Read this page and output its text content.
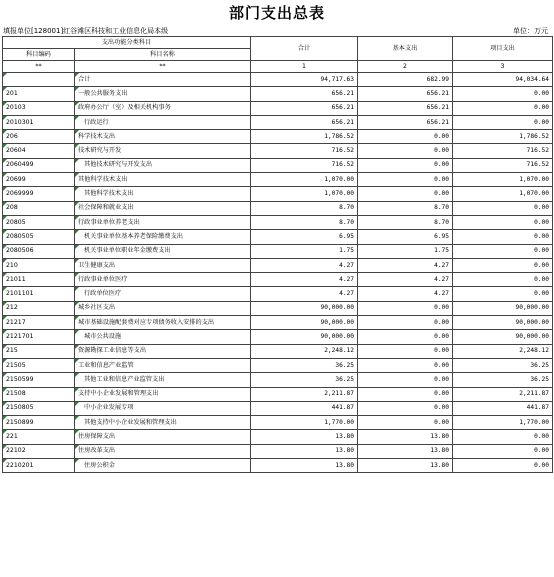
部门支出总表
填报单位[128001]红谷滩区科技和工业信息化局本级	单位：万元
支出功能分类科目		合计	基本支出	项目支出
科目编码	科目名称			
**	**	1	2	3
	合计	94,717.63	682.99	94,034.64
201	一般公共服务支出	656.21	656.21	0.00
20103	政府办公厅（室）及相关机构事务	656.21	656.21	0.00
2010301	行政运行	656.21	656.21	0.00
206	科学技术支出	1,786.52	0.00	1,786.52
20604	技术研究与开发	716.52	0.00	716.52
2060499	其他技术研究与开发支出	716.52	0.00	716.52
20699	其他科学技术支出	1,070.00	0.00	1,070.00
2069999	其他科学技术支出	1,070.00	0.00	1,070.00
208	社会保障和就业支出	8.70	8.70	0.00
20805	行政事业单位养老支出	8.70	8.70	0.00
2080505	机关事业单位基本养老保险缴费支出	6.95	6.95	0.00
2080506	机关事业单位职业年金缴费支出	1.75	1.75	0.00
210	卫生健康支出	4.27	4.27	0.00
21011	行政事业单位医疗	4.27	4.27	0.00
2101101	行政单位医疗	4.27	4.27	0.00
212	城乡社区支出	90,000.00	0.00	90,000.00
21217	城市基础设施配套费对应专项债务收入安排的支出	90,000.00	0.00	90,000.00
2121701	城市公共设施	90,000.00	0.00	90,000.00
215	资源勘探工业信息等支出	2,248.12	0.00	2,248.12
21505	工业和信息产业监管	36.25	0.00	36.25
2150599	其他工业和信息产业监管支出	36.25	0.00	36.25
21508	支持中小企业发展和管理支出	2,211.87	0.00	2,211.87
2150805	中小企业发展专项	441.87	0.00	441.87
2150899	其他支持中小企业发展和管理支出	1,770.00	0.00	1,770.00
221	住房保障支出	13.80	13.80	0.00
22102	住房改革支出	13.80	13.80	0.00
2210201	住房公积金	13.80	13.80	0.00
